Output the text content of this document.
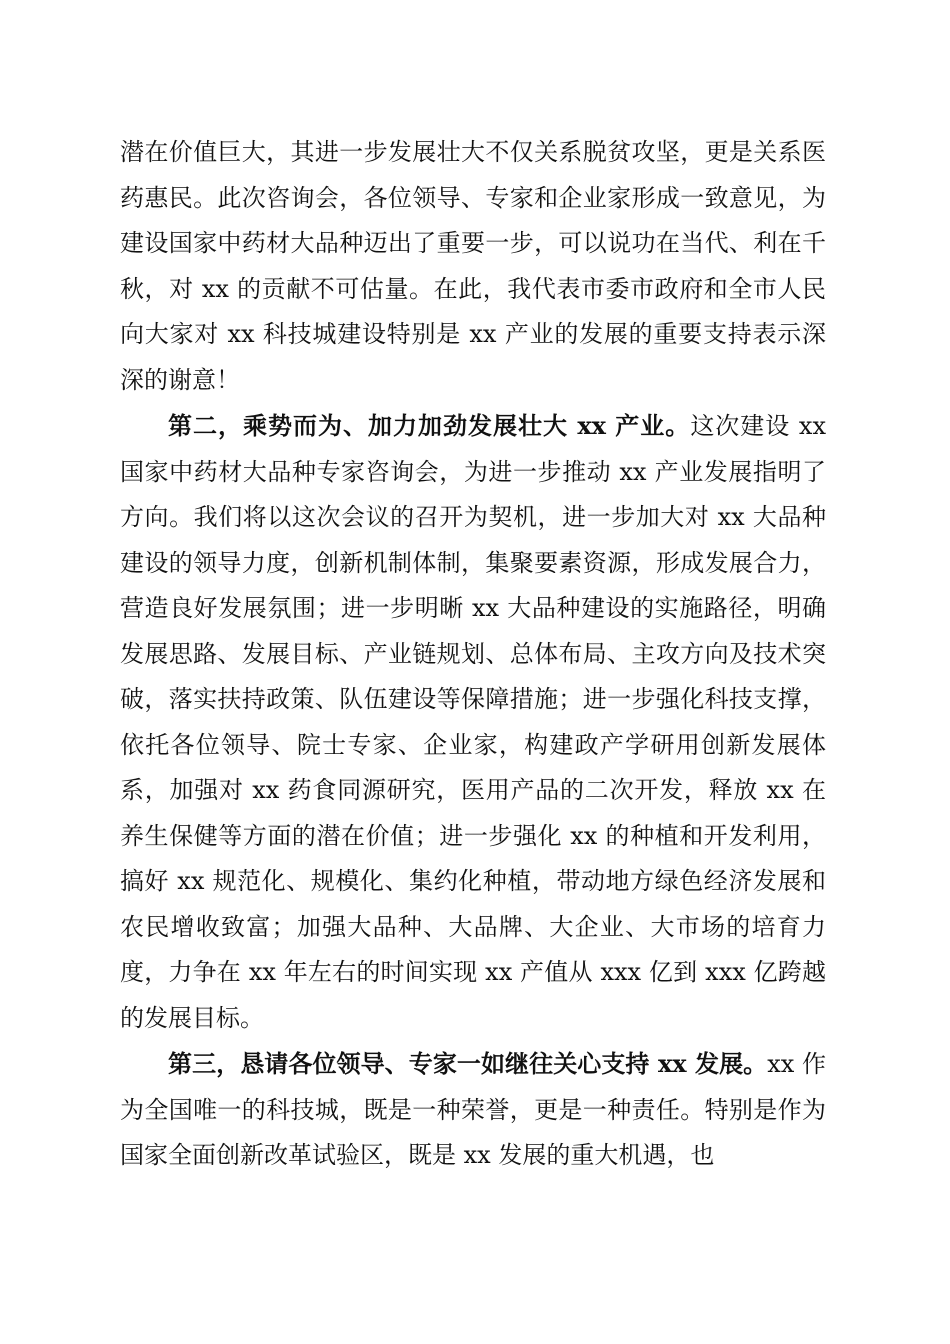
潜在价值巨大，其进一步发展壮大不仅关系脱贫攻坚，更是关系医药惠民。此次咨询会，各位领导、专家和企业家形成一致意见，为建设国家中药材大品种迈出了重要一步，可以说功在当代、利在千秋，对 xx 的贡献不可估量。在此，我代表市委市政府和全市人民向大家对 xx 科技城建设特别是 xx 产业的发展的重要支持表示深深的谢意！

第二，乘势而为、加力加劲发展壮大 xx 产业。这次建设 xx 国家中药材大品种专家咨询会，为进一步推动 xx 产业发展指明了方向。我们将以这次会议的召开为契机，进一步加大对 xx 大品种建设的领导力度，创新机制体制，集聚要素资源，形成发展合力，营造良好发展氛围；进一步明晰 xx 大品种建设的实施路径，明确发展思路、发展目标、产业链规划、总体布局、主攻方向及技术突破，落实扶持政策、队伍建设等保障措施；进一步强化科技支撑，依托各位领导、院士专家、企业家，构建政产学研用创新发展体系，加强对 xx 药食同源研究，医用产品的二次开发，释放 xx 在养生保健等方面的潜在价值；进一步强化 xx 的种植和开发利用，搞好 xx 规范化、规模化、集约化种植，带动地方绿色经济发展和农民增收致富；加强大品种、大品牌、大企业、大市场的培育力度，力争在 xx 年左右的时间实现 xx 产值从 xxx 亿到 xxx 亿跨越的发展目标。

第三，恳请各位领导、专家一如继往关心支持 xx 发展。xx 作为全国唯一的科技城，既是一种荣誉，更是一种责任。特别是作为国家全面创新改革试验区，既是 xx 发展的重大机遇，也
